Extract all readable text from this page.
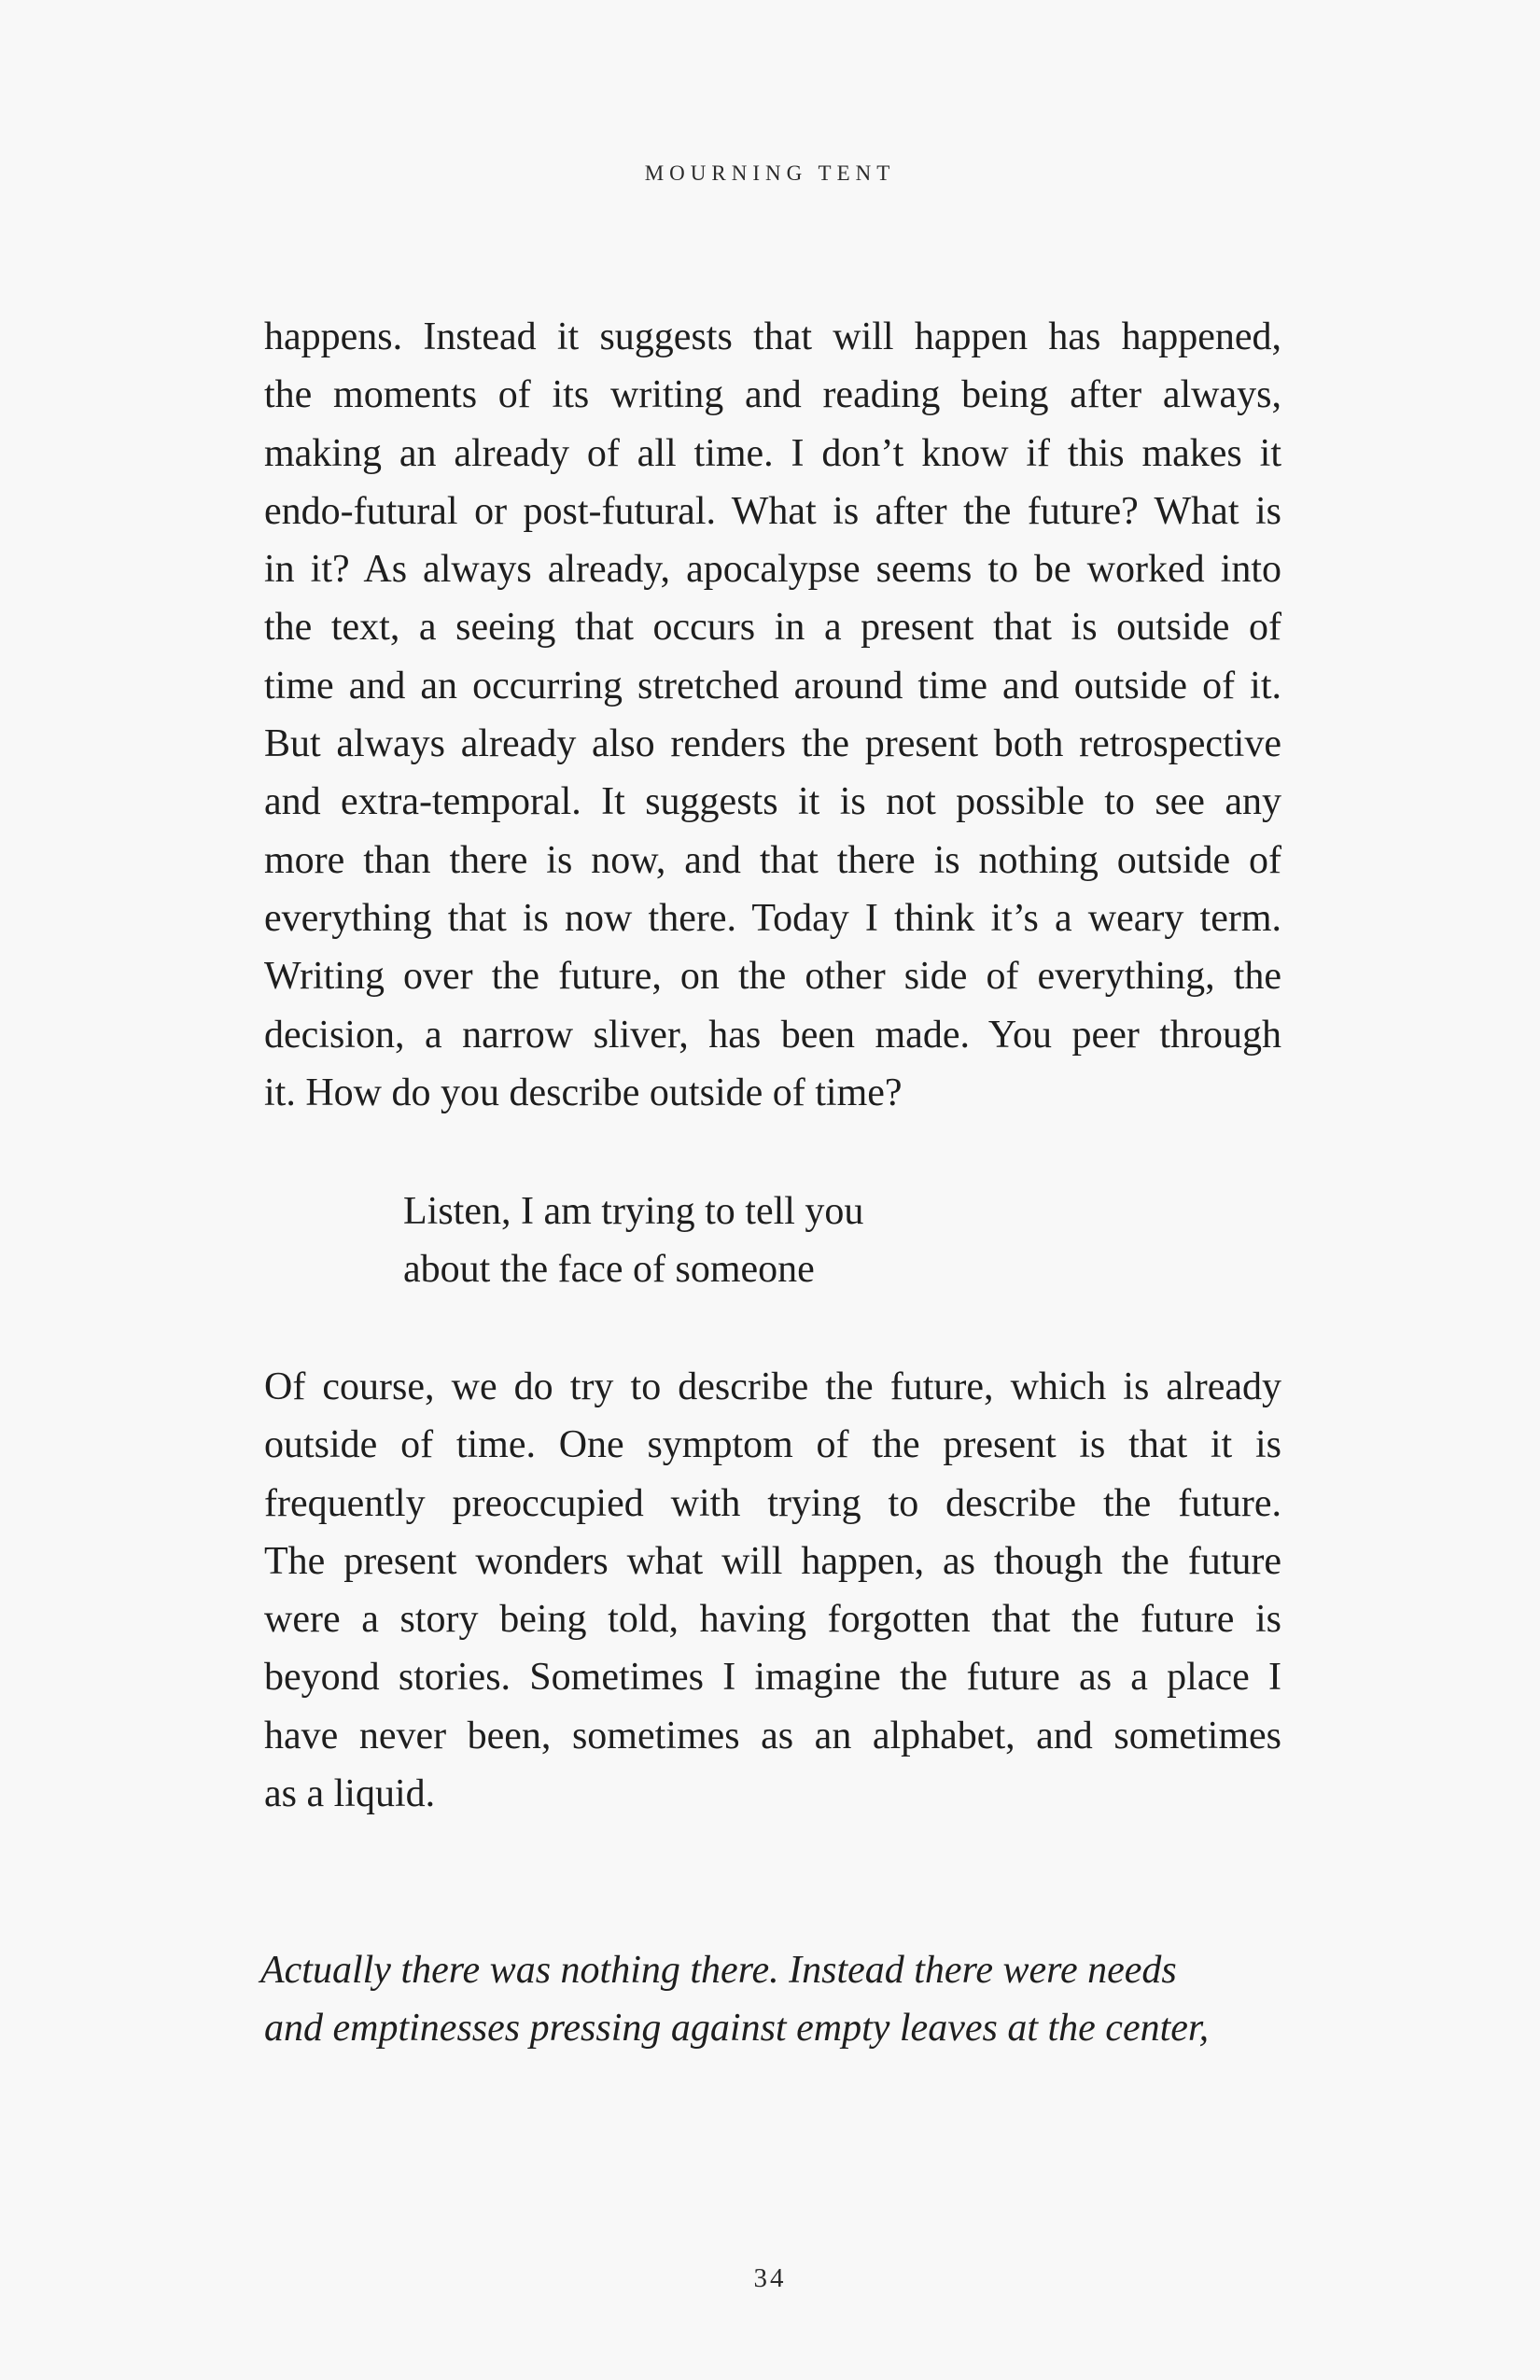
MOURNING TENT
happens. Instead it suggests that will happen has happened,
the moments of its writing and reading being after always,
making an already of all time. I don’t know if this makes it
endo-futural or post-futural. What is after the future? What is
in it? As always already, apocalypse seems to be worked into
the text, a seeing that occurs in a present that is outside of
time and an occurring stretched around time and outside of it.
But always already also renders the present both retrospective
and extra-temporal. It suggests it is not possible to see any
more than there is now, and that there is nothing outside of
everything that is now there. Today I think it’s a weary term.
Writing over the future, on the other side of everything, the
decision, a narrow sliver, has been made. You peer through
it. How do you describe outside of time?
Listen, I am trying to tell you
about the face of someone
Of course, we do try to describe the future, which is already
outside of time. One symptom of the present is that it is
frequently preoccupied with trying to describe the future.
The present wonders what will happen, as though the future
were a story being told, having forgotten that the future is
beyond stories. Sometimes I imagine the future as a place I
have never been, sometimes as an alphabet, and sometimes
as a liquid.
Actually there was nothing there. Instead there were needs
and emptinesses pressing against empty leaves at the center,
34
